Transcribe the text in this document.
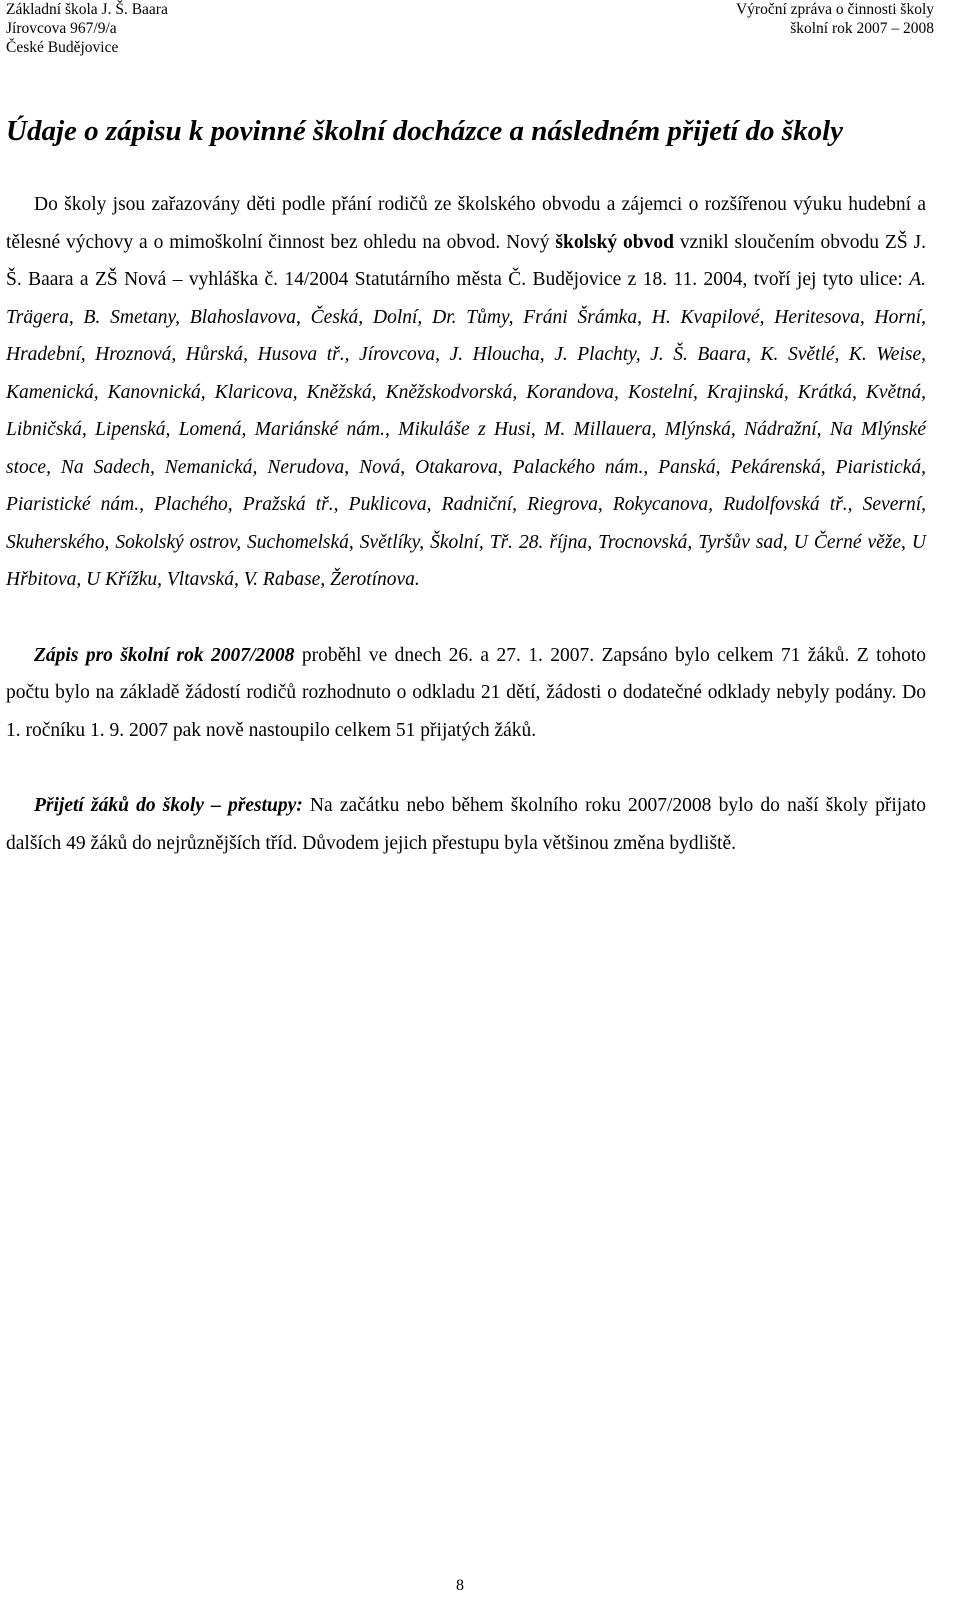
Základní škola J. Š. Baara
Jírovcova 967/9/a
České Budějovice
Výroční zpráva o činnosti školy
školní rok 2007 – 2008
Údaje o zápisu k povinné školní docházce a následném přijetí do školy

Do školy jsou zařazovány děti podle přání rodičů ze školského obvodu a zájemci o rozšířenou výuku hudební a tělesné výchovy a o mimoškolní činnost bez ohledu na obvod. Nový školský obvod vznikl sloučením obvodu ZŠ J. Š. Baara a ZŠ Nová – vyhláška č. 14/2004 Statutárního města Č. Budějovice z 18. 11. 2004, tvoří jej tyto ulice: A. Trägera, B. Smetany, Blahoslavova, Česká, Dolní, Dr. Tůmy, Fráni Šrámka, H. Kvapilové, Heritesova, Horní, Hradební, Hroznová, Hůrská, Husova tř., Jírovcova, J. Hloucha, J. Plachty, J. Š. Baara, K. Světlé, K. Weise, Kamenická, Kanovnická, Klaricova, Kněžská, Kněžskodvorská, Korandova, Kostelní, Krajinská, Krátká, Květná, Libničská, Lipenská, Lomená, Mariánské nám., Mikuláše z Husi, M. Millauera, Mlýnská, Nádražní, Na Mlýnské stoce, Na Sadech, Nemanická, Nerudova, Nová, Otakarova, Palackého nám., Panská, Pekárenská, Piaristická, Piaristické nám., Plachého, Pražská tř., Puklicova, Radniční, Riegrova, Rokycanova, Rudolfovská tř., Severní, Skuherského, Sokolský ostrov, Suchomelská, Světlíky, Školní, Tř. 28. října, Trocnovská, Tyršův sad, U Černé věže, U Hřbitova, U Křížku, Vltavská, V. Rabase, Žerotínova.

Zápis pro školní rok 2007/2008 proběhl ve dnech 26. a 27. 1. 2007. Zapsáno bylo celkem 71 žáků. Z tohoto počtu bylo na základě žádostí rodičů rozhodnuto o odkladu 21 dětí, žádosti o dodatečné odklady nebyly podány. Do 1. ročníku 1. 9. 2007 pak nově nastoupilo celkem 51 přijatých žáků.

Přijetí žáků do školy – přestupy: Na začátku nebo během školního roku 2007/2008 bylo do naší školy přijato dalších 49 žáků do nejrůznějších tříd. Důvodem jejich přestupu byla většinou změna bydliště.

8
